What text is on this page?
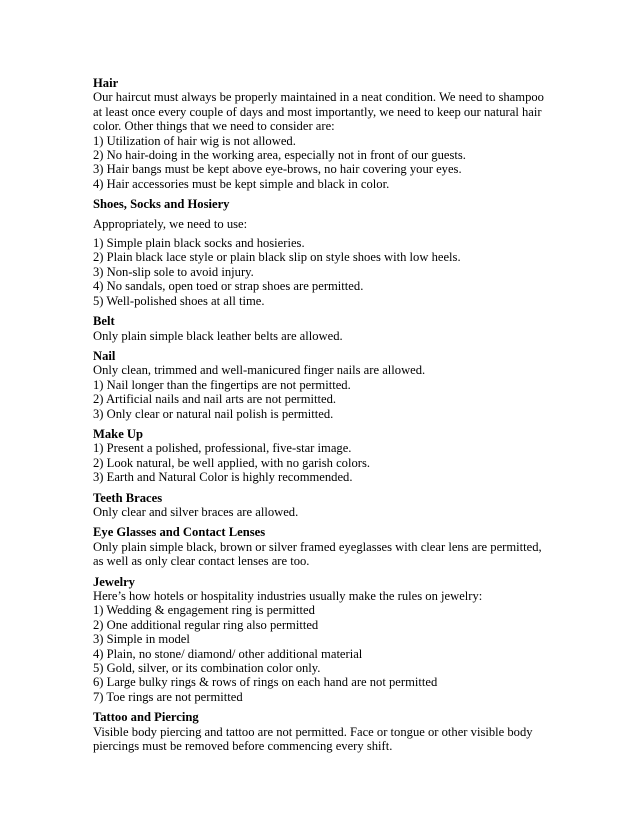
Hair

Our haircut must always be properly maintained in a neat condition. We need to shampoo
at least once every couple of days and most importantly, we need to keep our natural hair
color. Other things that we need to consider are:

1) Utilization of hair wig is not allowed.
2) No hair-doing in the working area, especially not in front of our guests.
3) Hair bangs must be kept above eye-brows, no hair covering your eyes.
4) Hair accessories must be kept simple and black in color.
Shoes, Socks and Hosiery

Appropriately, we need to use:

1) Simple plain black socks and hosieries.
2) Plain black lace style or plain black slip on style shoes with low heels.
3) Non-slip sole to avoid injury.
4) No sandals, open toed or strap shoes are permitted.
5) Well-polished shoes at all time.
Belt

Only plain simple black leather belts are allowed.

Nail

Only clean, trimmed and well-manicured finger nails are allowed.

1) Nail longer than the fingertips are not permitted.
2) Artificial nails and nail arts are not permitted.
3) Only clear or natural nail polish is permitted.
Make Up
1) Present a polished, professional, five-star image.
2) Look natural, be well applied, with no garish colors.
3) Earth and Natural Color is highly recommended.
Teeth Braces

Only clear and silver braces are allowed.

Eye Glasses and Contact Lenses

Only plain simple black, brown or silver framed eyeglasses with clear lens are permitted,
as well as only clear contact lenses are too.

Jewelry

Here’s how hotels or hospitality industries usually make the rules on jewelry:

1) Wedding & engagement ring is permitted
2) One additional regular ring also permitted
3) Simple in model
4) Plain, no stone/ diamond/ other additional material
5) Gold, silver, or its combination color only.
6) Large bulky rings & rows of rings on each hand are not permitted
7) Toe rings are not permitted
Tattoo and Piercing

Visible body piercing and tattoo are not permitted. Face or tongue or other visible body
piercings must be removed before commencing every shift.
